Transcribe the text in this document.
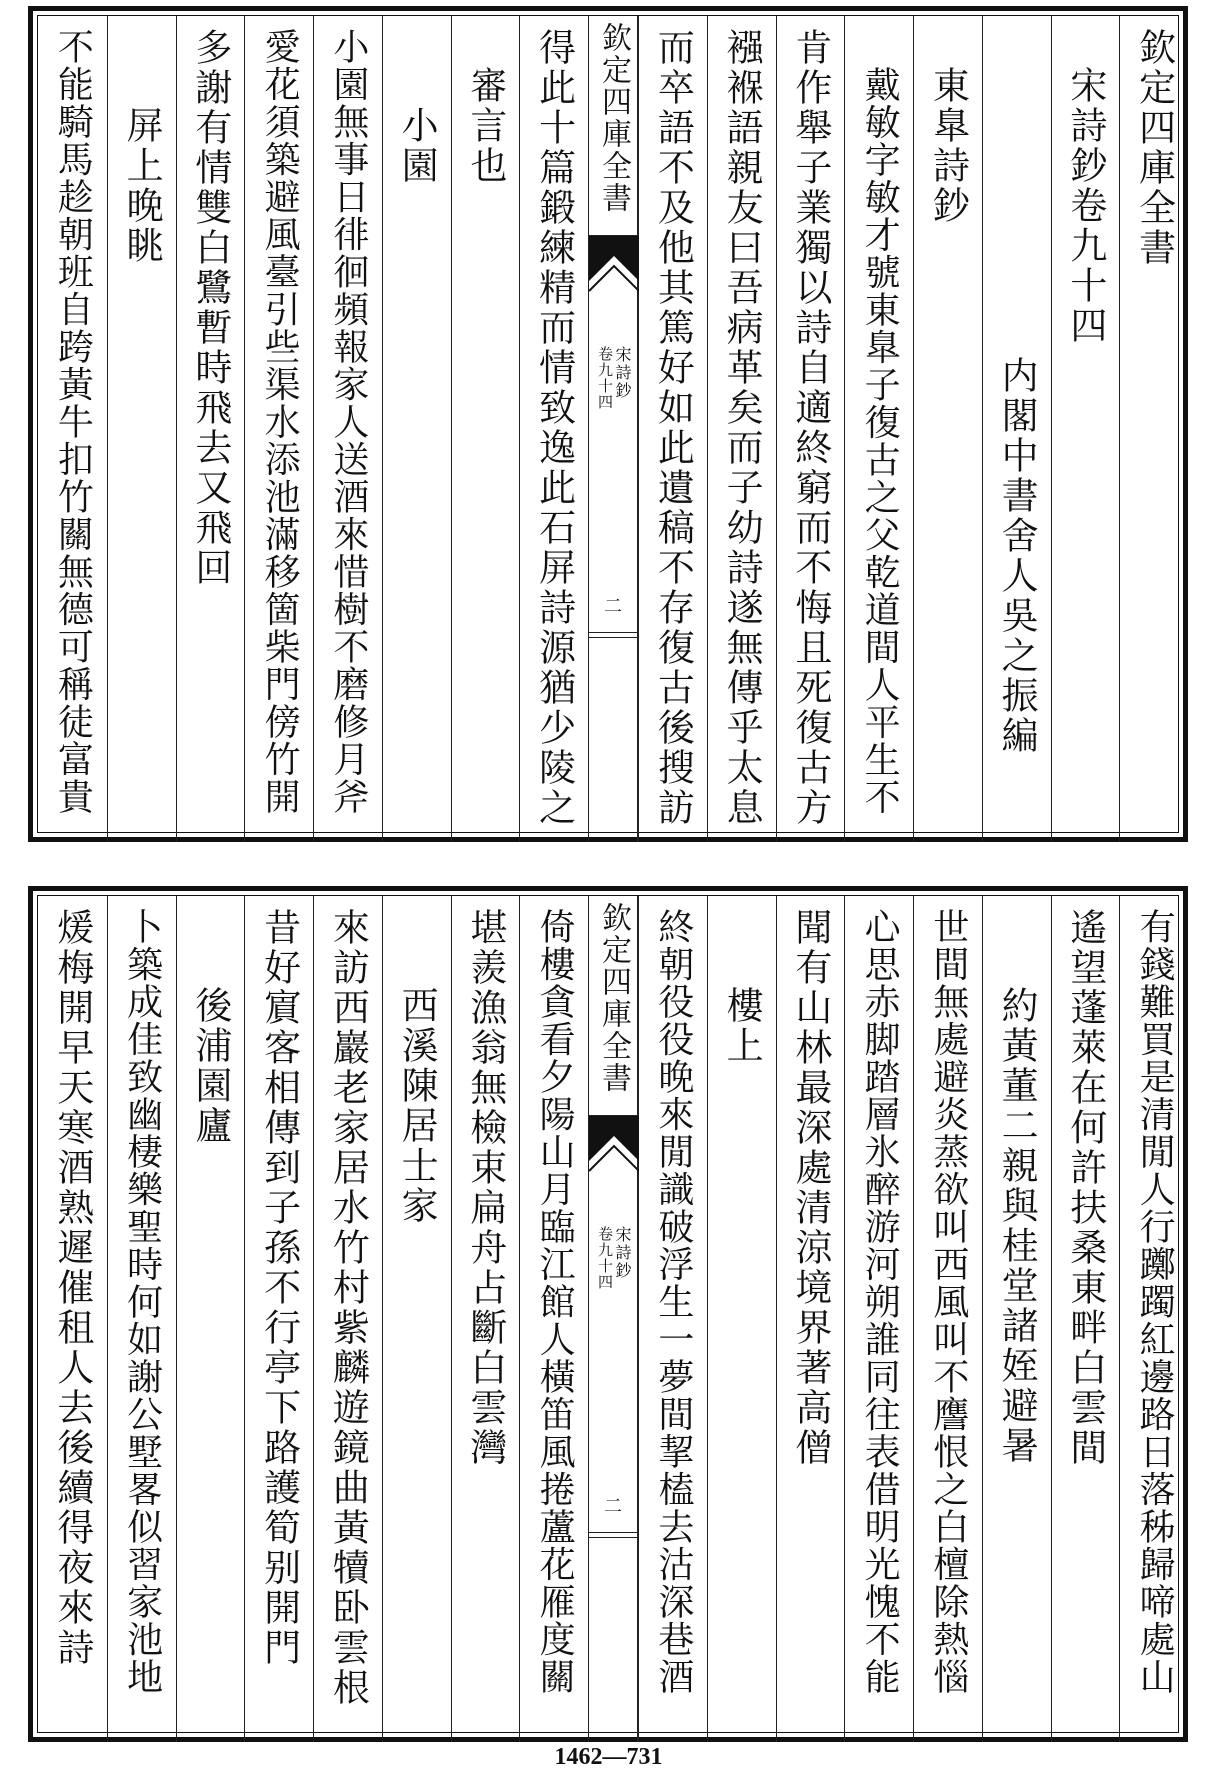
欽定四庫全書
宋詩鈔卷九十四
内閣中書舍人吳之振編
東臯詩鈔
戴敏字敏才號東臯子復古之父乾道間人平生不
肯作舉子業獨以詩自適終窮而不悔且死復古方
襁褓語親友曰吾病革矣而子幼詩遂無傳乎太息
而卒語不及他其篤好如此遺稿不存復古後搜訪
欽定四庫全書
宋詩鈔
卷九十四
二
得此十篇鍛練精而情致逸此石屏詩源猶少陵之
審言也
小園
小園無事日徘徊頻報家人送酒來惜樹不磨修月斧
愛花須築避風臺引些渠水添池滿移箇柴門傍竹開
多謝有情雙白鷺暫時飛去又飛回
屏上晚眺
不能騎馬趁朝班自跨黃牛扣竹關無德可稱徒富貴
有錢難買是清閒人行躑躅紅邊路日落秭歸啼處山
遙望蓬萊在何許扶桑東畔白雲間
約黃董二親與桂堂諸姪避暑
世間無處避炎蒸欲叫西風叫不譍恨之白檀除熱惱
心思赤脚踏層氷醉游河朔誰同往表借明光愧不能
聞有山林最深處清涼境界著高僧
樓上
終朝役役晚來閒識破浮生一夢間挈榼去沽深巷酒
欽定四庫全書
宋詩鈔
卷九十四
二
倚樓貪看夕陽山月臨江館人橫笛風捲蘆花雁度關
堪羨漁翁無檢束扁舟占斷白雲灣
西溪陳居士家
來訪西巖老家居水竹村紫麟遊鏡曲黃犢卧雲根
昔好賔客相傳到子孫不行亭下路護筍别開門
後浦園廬
卜築成佳致幽棲樂聖時何如謝公墅畧似習家池地
煖梅開早天寒酒熟遲催租人去後續得夜來詩
1462—731
